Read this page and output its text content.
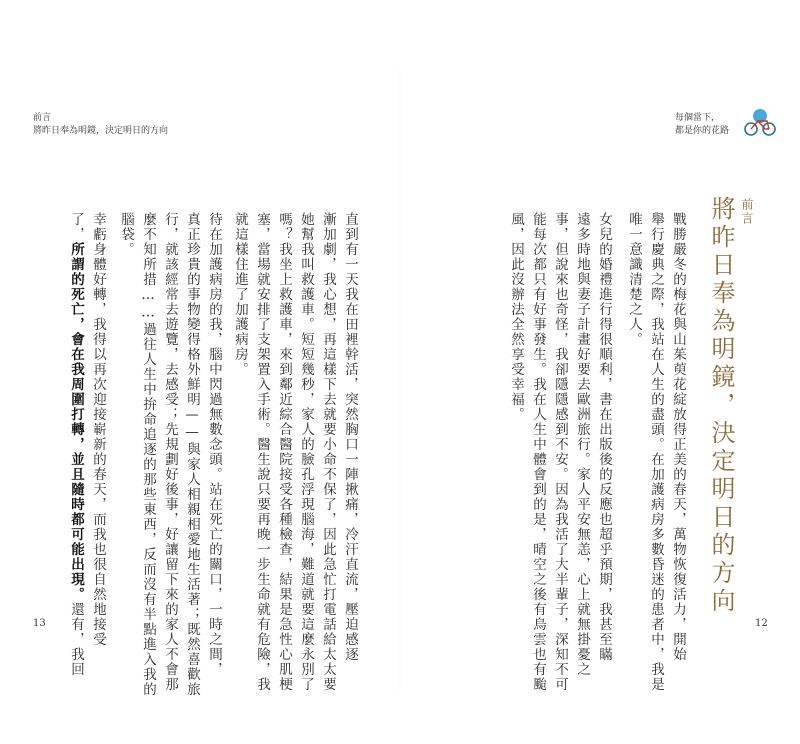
前言
將昨日奉為明鏡，決定明日的方向
每個當下，
都是你的花路
前言
將昨日奉為明鏡，決定明日的方向
戰勝嚴冬的梅花與山茱萸花綻放得正美的春天，萬物恢復活力，開始
舉行慶典之際，我站在人生的盡頭。在加護病房多數昏迷的患者中，我是
唯一意識清楚之人。
女兒的婚禮進行得很順利，書在出版後的反應也超乎預期，我甚至瞞
遠多時地與妻子計畫好要去歐洲旅行。家人平安無恙，心上就無掛憂之
事，但說來也奇怪，我卻隱隱感到不安。因為我活了大半輩子，深知不可
能每次都只有好事發生。我在人生中體會到的是，晴空之後有烏雲也有颱
風，因此沒辦法全然享受幸福。
直到有一天我在田裡幹活，突然胸口一陣揪痛，冷汗直流，壓迫感逐
漸加劇，我心想，再這樣下去就要小命不保了，因此急忙打電話給太太要
她幫我叫救護車。短短幾秒，家人的臉孔浮現腦海，難道就要這麼永別了
嗎？我坐上救護車，來到鄰近綜合醫院接受各種檢查，結果是急性心肌梗
塞，當場就安排了支架置入手術。醫生說只要再晚一步生命就有危險，我
就這樣住進了加護病房。
待在加護病房的我，腦中閃過無數念頭。站在死亡的關口，一時之間，
真正珍貴的事物變得格外鮮明——與家人相親相愛地生活著；既然喜歡旅
行，就該經常去遊覽，去感受；先規劃好後事，好讓留下來的家人不會那
麼不知所措……過往人生中拚命追逐的那些東西，反而沒有半點進入我的
腦袋。
幸虧身體好轉，我得以再次迎接嶄新的春天，而我也很自然地接受
了，所謂的死亡，會在我周圍打轉，並且隨時都可能出現。還有，我回
13	12
